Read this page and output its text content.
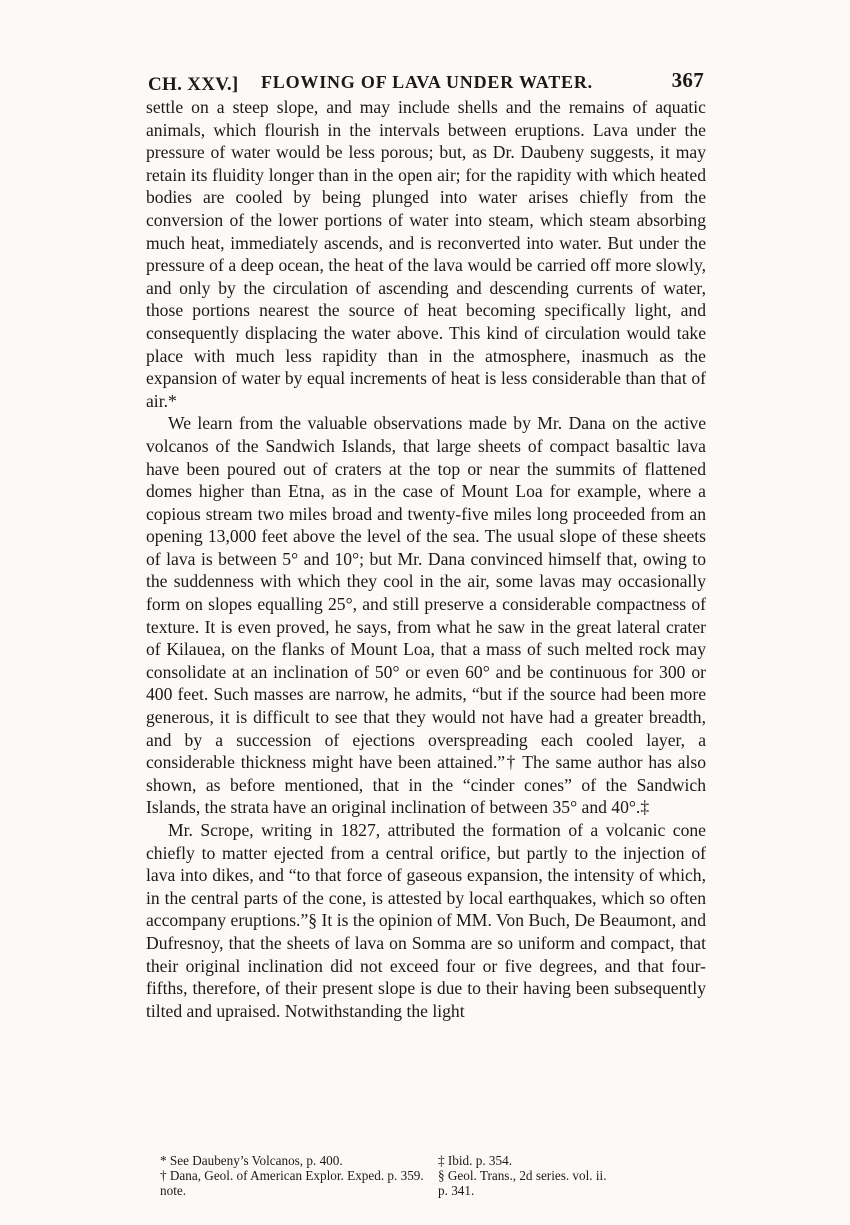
CH. XXV.] FLOWING OF LAVA UNDER WATER.	367

settle on a steep slope, and may include shells and the remains of aquatic animals, which flourish in the intervals between eruptions. Lava under the pressure of water would be less porous; but, as Dr. Daubeny suggests, it may retain its fluidity longer than in the open air; for the rapidity with which heated bodies are cooled by being plunged into water arises chiefly from the conversion of the lower portions of water into steam, which steam absorbing much heat, immediately ascends, and is reconverted into water. But under the pressure of a deep ocean, the heat of the lava would be carried off more slowly, and only by the circulation of ascending and descending currents of water, those portions nearest the source of heat becoming specifically light, and consequently displacing the water above. This kind of circulation would take place with much less rapidity than in the atmosphere, inasmuch as the expansion of water by equal increments of heat is less considerable than that of air.*

We learn from the valuable observations made by Mr. Dana on the active volcanos of the Sandwich Islands, that large sheets of compact basaltic lava have been poured out of craters at the top or near the summits of flattened domes higher than Etna, as in the case of Mount Loa for example, where a copious stream two miles broad and twenty-five miles long proceeded from an opening 13,000 feet above the level of the sea. The usual slope of these sheets of lava is between 5° and 10°; but Mr. Dana convinced himself that, owing to the suddenness with which they cool in the air, some lavas may occasionally form on slopes equalling 25°, and still preserve a considerable compactness of texture. It is even proved, he says, from what he saw in the great lateral crater of Kilauea, on the flanks of Mount Loa, that a mass of such melted rock may consolidate at an inclination of 50° or even 60° and be continuous for 300 or 400 feet. Such masses are narrow, he admits, “but if the source had been more generous, it is difficult to see that they would not have had a greater breadth, and by a succession of ejections overspreading each cooled layer, a considerable thickness might have been attained.”† The same author has also shown, as before mentioned, that in the “cinder cones” of the Sandwich Islands, the strata have an original inclination of between 35° and 40°.‡

Mr. Scrope, writing in 1827, attributed the formation of a volcanic cone chiefly to matter ejected from a central orifice, but partly to the injection of lava into dikes, and “to that force of gaseous expansion, the intensity of which, in the central parts of the cone, is attested by local earthquakes, which so often accompany eruptions.”§ It is the opinion of MM. Von Buch, De Beaumont, and Dufresnoy, that the sheets of lava on Somma are so uniform and compact, that their original inclination did not exceed four or five degrees, and that four-fifths, therefore, of their present slope is due to their having been subsequently tilted and upraised. Notwithstanding the light

* See Daubeny’s Volcanos, p. 400.
† Dana, Geol. of American Explor. Exped. p. 359. note.
‡ Ibid. p. 354.
§ Geol. Trans., 2d series. vol. ii.
p. 341.
